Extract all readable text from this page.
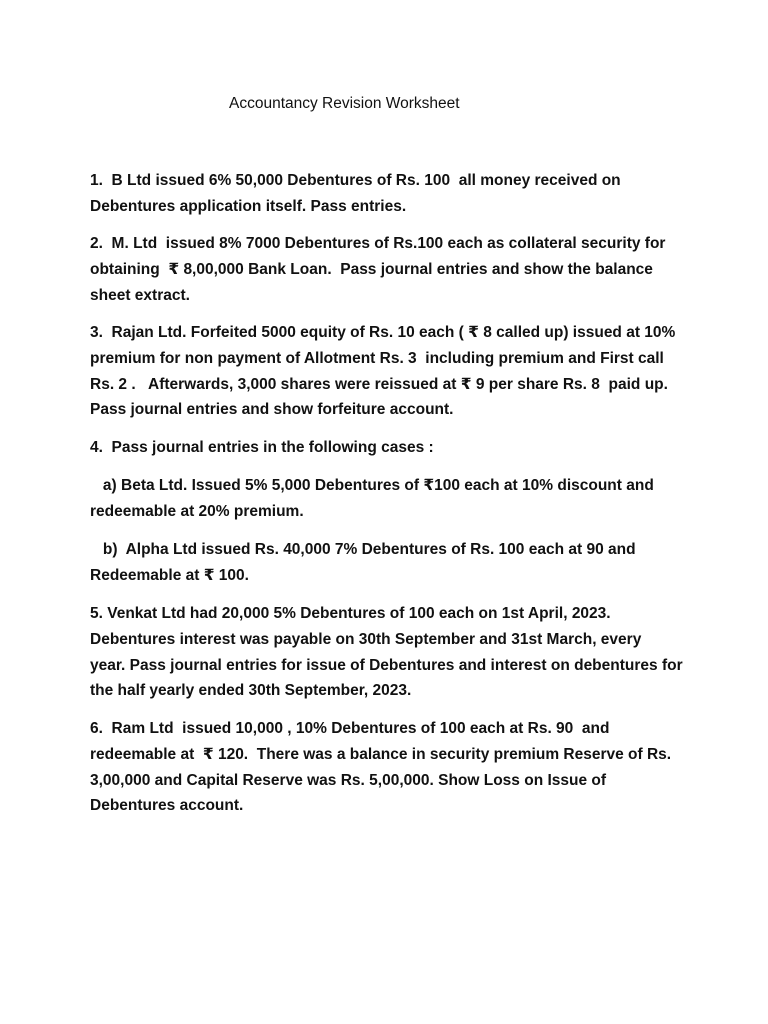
Accountancy Revision Worksheet
1.  B Ltd issued 6% 50,000 Debentures of Rs. 100  all money received on
Debentures application itself. Pass entries.
2.  M. Ltd  issued 8% 7000 Debentures of Rs.100 each as collateral security for
obtaining  ₹ 8,00,000 Bank Loan.  Pass journal entries and show the balance
sheet extract.
3.  Rajan Ltd. Forfeited 5000 equity of Rs. 10 each ( ₹ 8 called up) issued at 10%
premium for non payment of Allotment Rs. 3  including premium and First call
Rs. 2 .   Afterwards, 3,000 shares were reissued at ₹ 9 per share Rs. 8  paid up.
Pass journal entries and show forfeiture account.
4.  Pass journal entries in the following cases :
a) Beta Ltd. Issued 5% 5,000 Debentures of ₹100 each at 10% discount and
redeemable at 20% premium.
b)  Alpha Ltd issued Rs. 40,000 7% Debentures of Rs. 100 each at 90 and
Redeemable at ₹ 100.
5. Venkat Ltd had 20,000 5% Debentures of 100 each on 1st April, 2023.
Debentures interest was payable on 30th September and 31st March, every
year. Pass journal entries for issue of Debentures and interest on debentures for
the half yearly ended 30th September, 2023.
6.  Ram Ltd  issued 10,000 , 10% Debentures of 100 each at Rs. 90  and
redeemable at  ₹ 120.  There was a balance in security premium Reserve of Rs.
3,00,000 and Capital Reserve was Rs. 5,00,000. Show Loss on Issue of
Debentures account.
